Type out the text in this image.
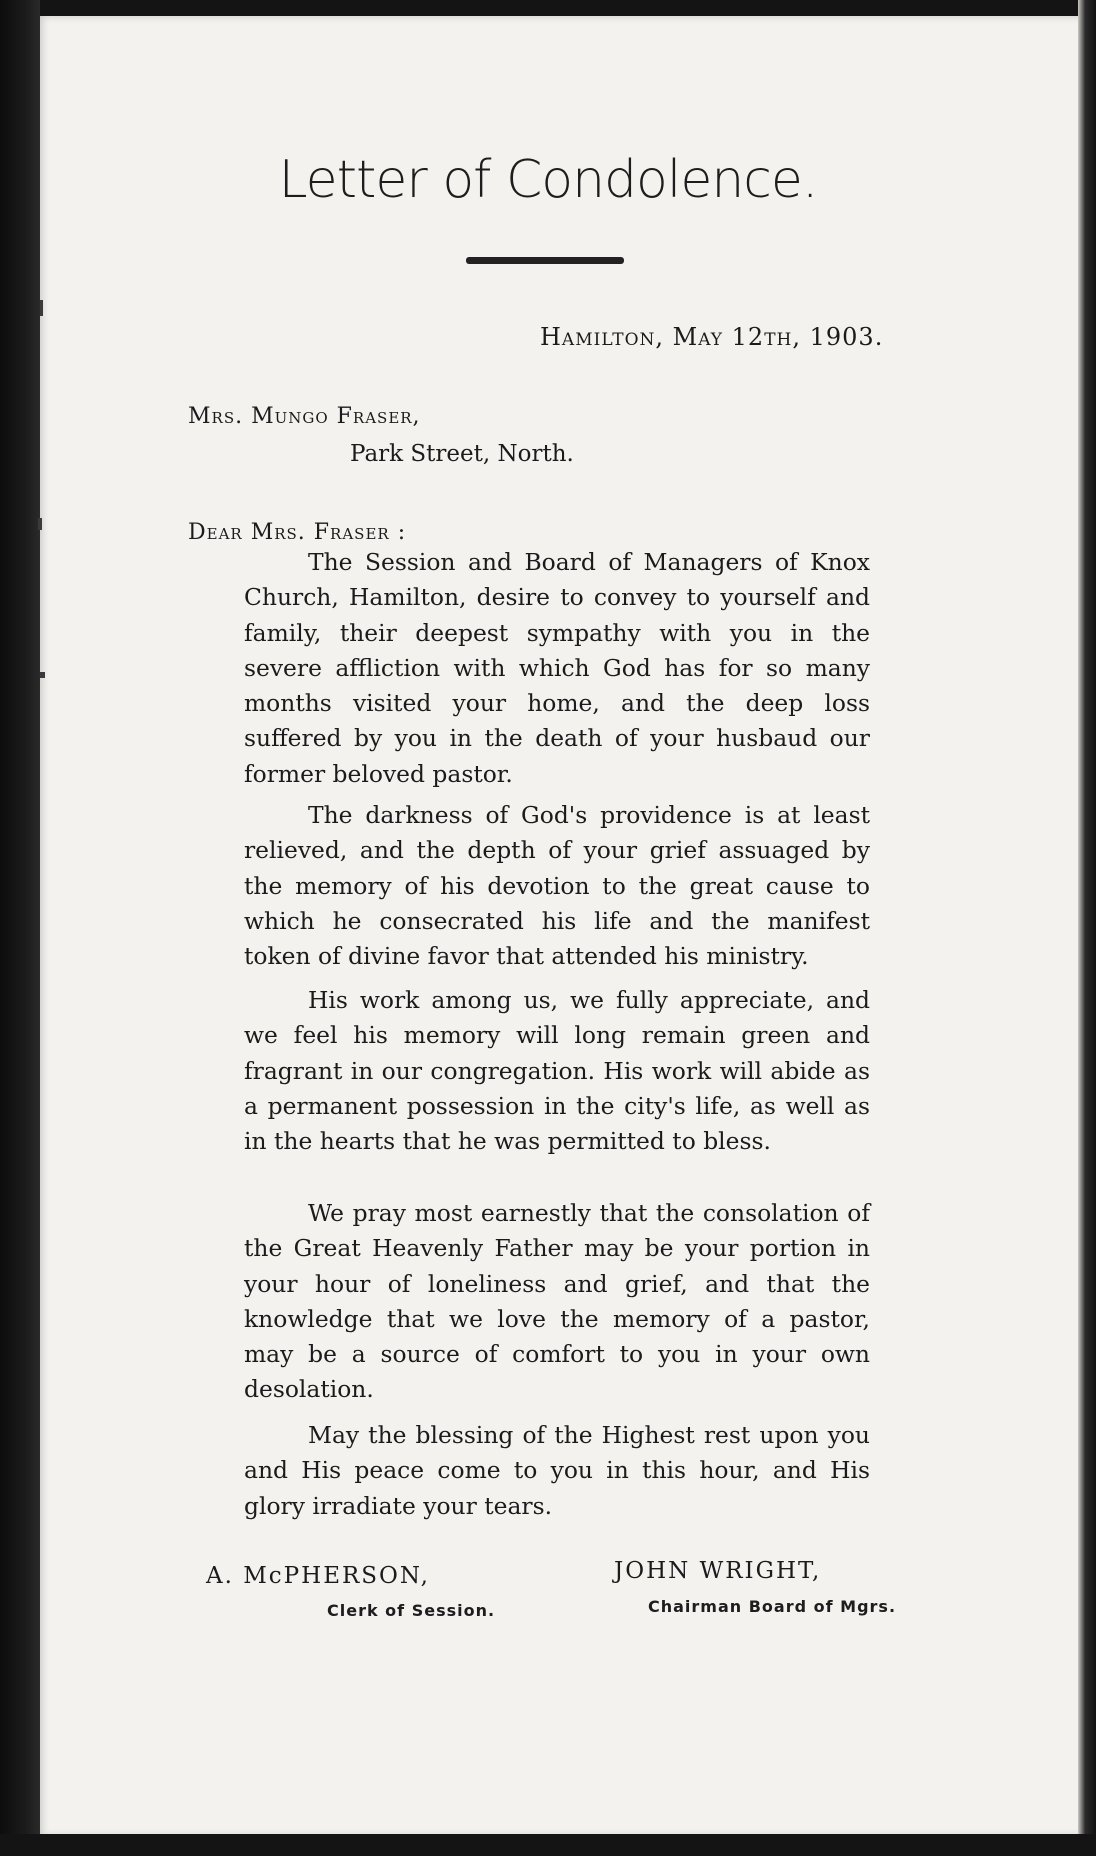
Letter of Condolence.
Hamilton, May 12th, 1903.
Mrs. Mungo Fraser,
Park Street, North.
Dear Mrs. Fraser :
The Session and Board of Managers of Knox Church, Hamilton, desire to convey to yourself and family, their deepest sympathy with you in the severe affliction with which God has for so many months visited your home, and the deep loss suffered by you in the death of your husbaud our former beloved pastor.
The darkness of God's providence is at least relieved, and the depth of your grief assuaged by the memory of his devotion to the great cause to which he consecrated his life and the manifest token of divine favor that attended his ministry.
His work among us, we fully appreciate, and we feel his memory will long remain green and fragrant in our congregation. His work will abide as a permanent possession in the city's life, as well as in the hearts that he was permitted to bless.
We pray most earnestly that the consolation of the Great Heavenly Father may be your portion in your hour of loneliness and grief, and that the knowledge that we love the memory of a pastor, may be a source of comfort to you in your own desolation.
May the blessing of the Highest rest upon you and His peace come to you in this hour, and His glory irradiate your tears.
A. McPHERSON,
Clerk of Session.
JOHN WRIGHT,
Chairman Board of Mgrs.
